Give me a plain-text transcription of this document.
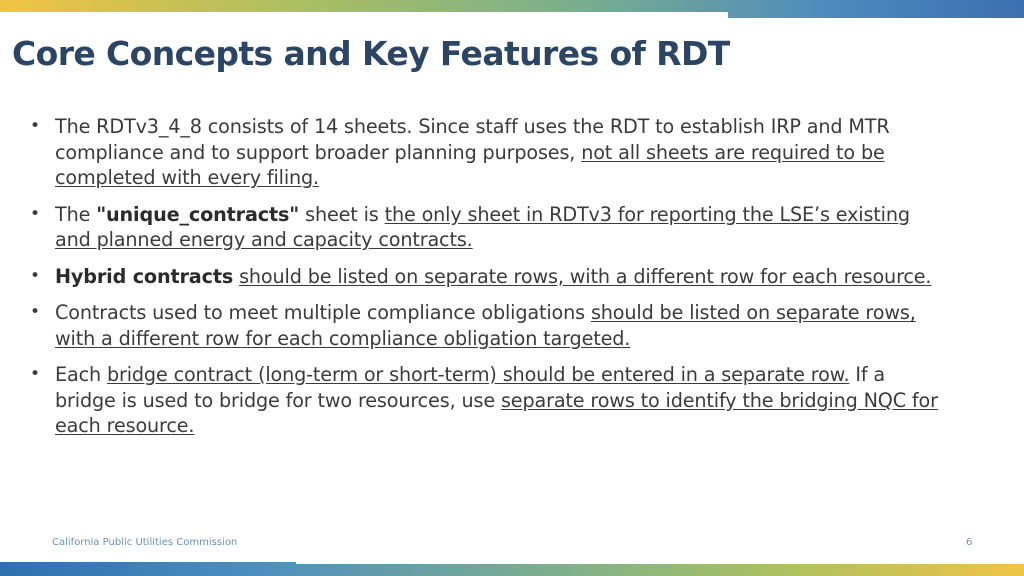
Core Concepts and Key Features of RDT
• The RDTv3_4_8 consists of 14 sheets. Since staff uses the RDT to establish IRP and MTR compliance and to support broader planning purposes, not all sheets are required to be completed with every filing.
• The "unique_contracts" sheet is the only sheet in RDTv3 for reporting the LSE’s existing and planned energy and capacity contracts.
• Hybrid contracts should be listed on separate rows, with a different row for each resource.
• Contracts used to meet multiple compliance obligations should be listed on separate rows, with a different row for each compliance obligation targeted.
• Each bridge contract (long-term or short-term) should be entered in a separate row. If a bridge is used to bridge for two resources, use separate rows to identify the bridging NQC for each resource.
California Public Utilities Commission	6
